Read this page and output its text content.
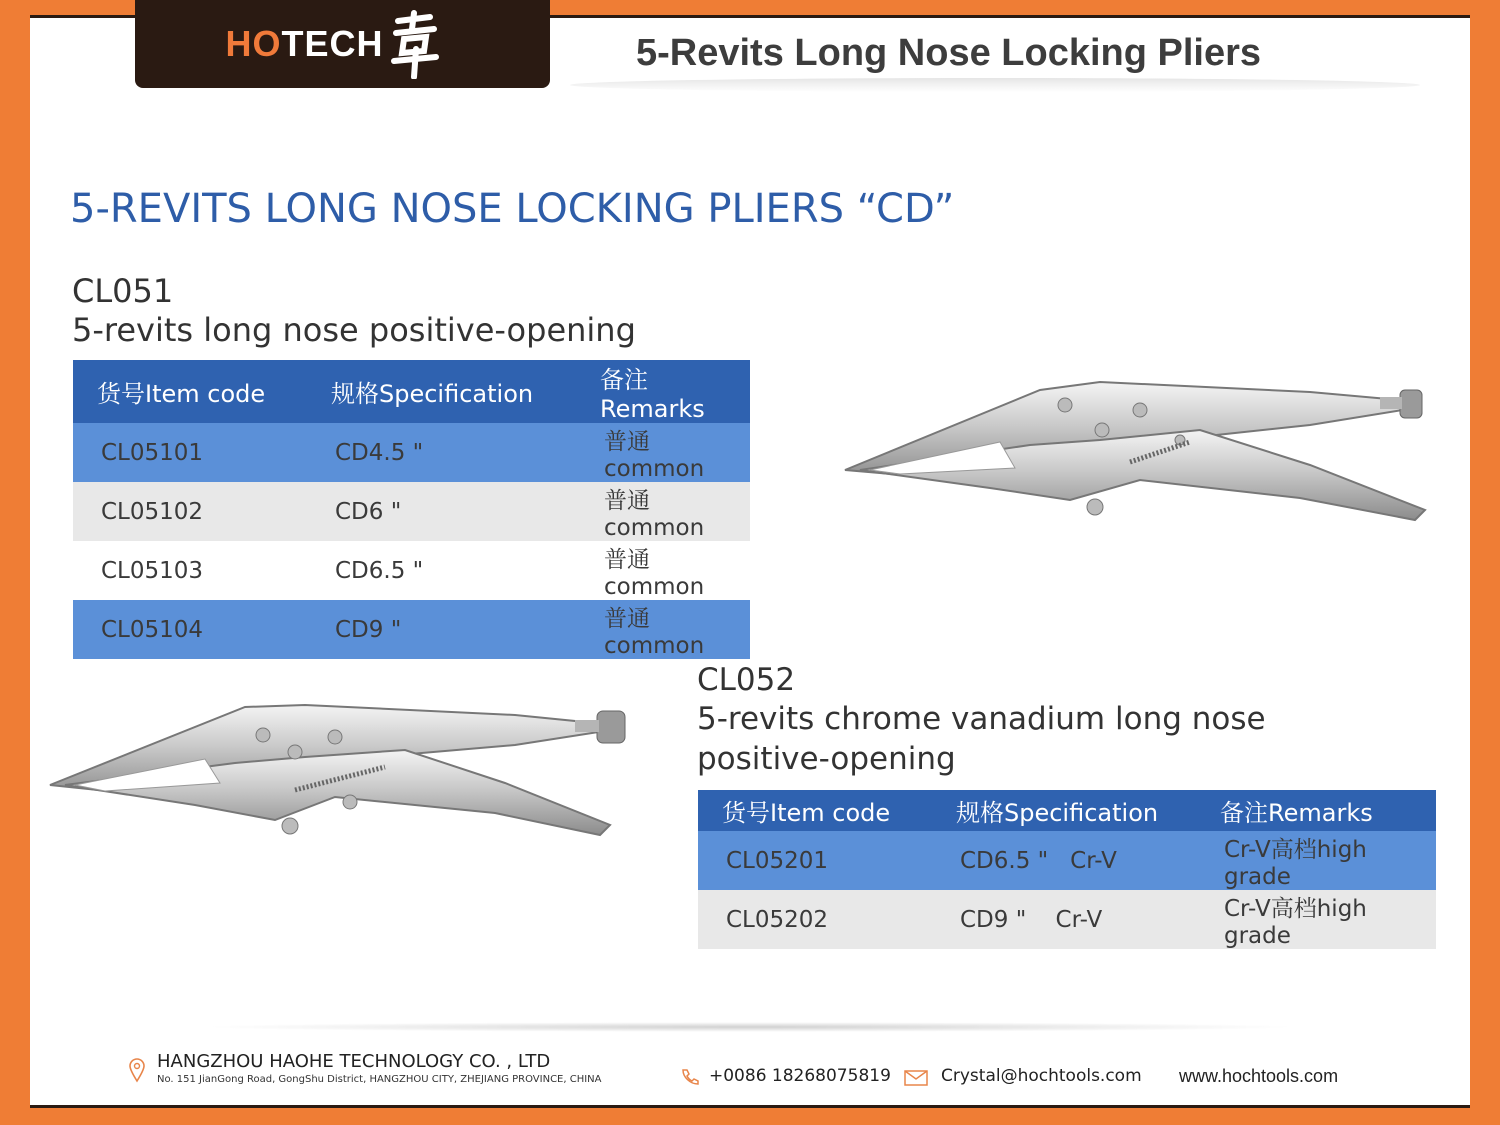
HOTECH	5-Revits Long Nose Locking Pliers
5-REVITS LONG NOSE LOCKING PLIERS “CD”
CL051
5-revits long nose positive-opening
货号Item code	规格Specification	备注Remarks
CL05101	CD4.5 "	普通common
CL05102	CD6 "	普通common
CL05103	CD6.5 "	普通common
CL05104	CD9 "	普通common
CL052
5-revits chrome vanadium long nose
positive-opening
货号Item code	规格Specification	备注Remarks
CL05201	CD6.5 "   Cr-V	Cr-V高档high grade
CL05202	CD9 "    Cr-V	Cr-V高档high grade
HANGZHOU HAOHE TECHNOLOGY CO. , LTD
No. 151 JianGong Road, GongShu District, HANGZHOU CITY, ZHEJIANG PROVINCE, CHINA	+0086 18268075819	Crystal@hochtools.com www.hochtools.com
